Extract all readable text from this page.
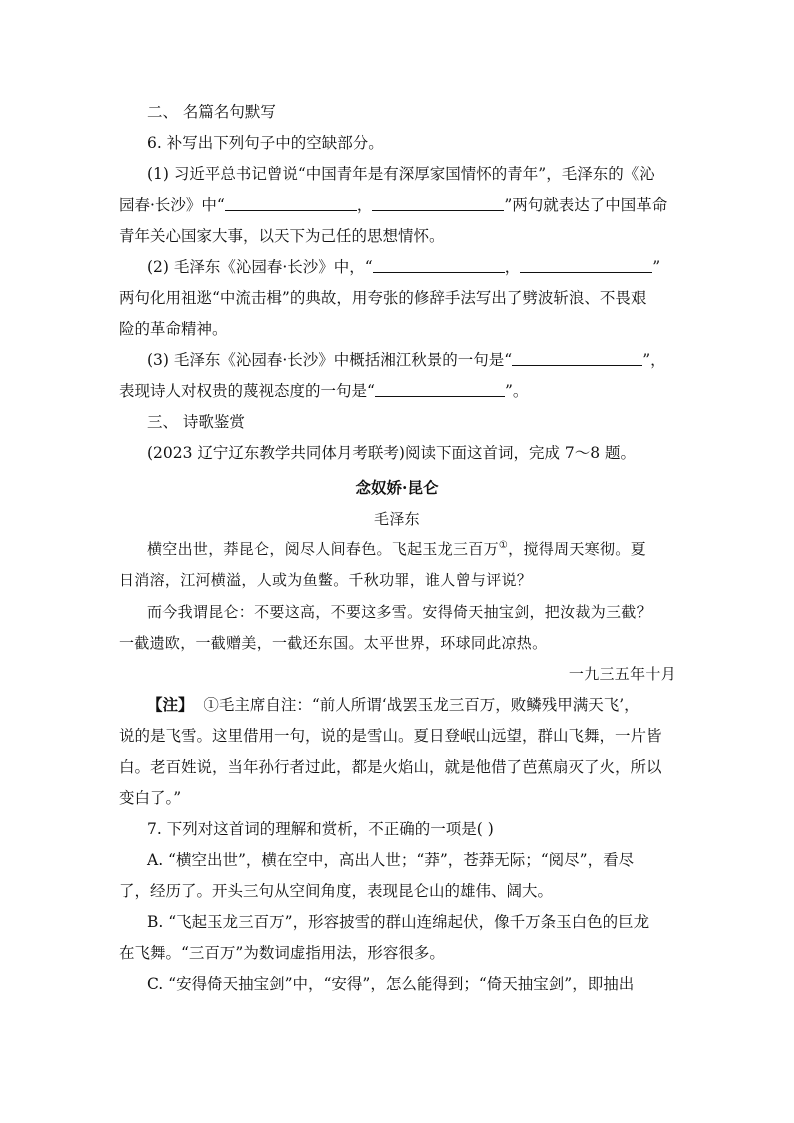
二、 名篇名句默写
6. 补写出下列句子中的空缺部分。
(1) 习近平总书记曾说“中国青年是有深厚家国情怀的青年”，毛泽东的《沁
园春·长沙》中“	，	”两句就表达了中国革命
青年关心国家大事，以天下为己任的思想情怀。
(2) 毛泽东《沁园春·长沙》中，“	，	”
两句化用祖逖“中流击楫”的典故，用夸张的修辞手法写出了劈波斩浪、不畏艰
险的革命精神。
(3) 毛泽东《沁园春·长沙》中概括湘江秋景的一句是“	”，
表现诗人对权贵的蔑视态度的一句是“	”。
三、 诗歌鉴赏
(2023 辽宁辽东教学共同体月考联考)阅读下面这首词，完成 7～8 题。
念奴娇·昆仑
毛泽东
横空出世，莽昆仑，阅尽人间春色。飞起玉龙三百万①，搅得周天寒彻。夏
日消溶，江河横溢，人或为鱼鳖。千秋功罪，谁人曾与评说？
而今我谓昆仑：不要这高，不要这多雪。安得倚天抽宝剑，把汝裁为三截？
一截遗欧，一截赠美，一截还东国。太平世界，环球同此凉热。
一九三五年十月
【注】 ①毛主席自注：“前人所谓‘战罢玉龙三百万，败鳞残甲满天飞’，
说的是飞雪。这里借用一句，说的是雪山。夏日登岷山远望，群山飞舞，一片皆
白。老百姓说，当年孙行者过此，都是火焰山，就是他借了芭蕉扇灭了火，所以
变白了。”
7. 下列对这首词的理解和赏析，不正确的一项是( )
A. “横空出世”，横在空中，高出人世；“莽”，苍莽无际；“阅尽”，看尽
了，经历了。开头三句从空间角度，表现昆仑山的雄伟、阔大。
B. “飞起玉龙三百万”，形容披雪的群山连绵起伏，像千万条玉白色的巨龙
在飞舞。“三百万”为数词虚指用法，形容很多。
C. “安得倚天抽宝剑”中，“安得”，怎么能得到；“倚天抽宝剑”，即抽出
